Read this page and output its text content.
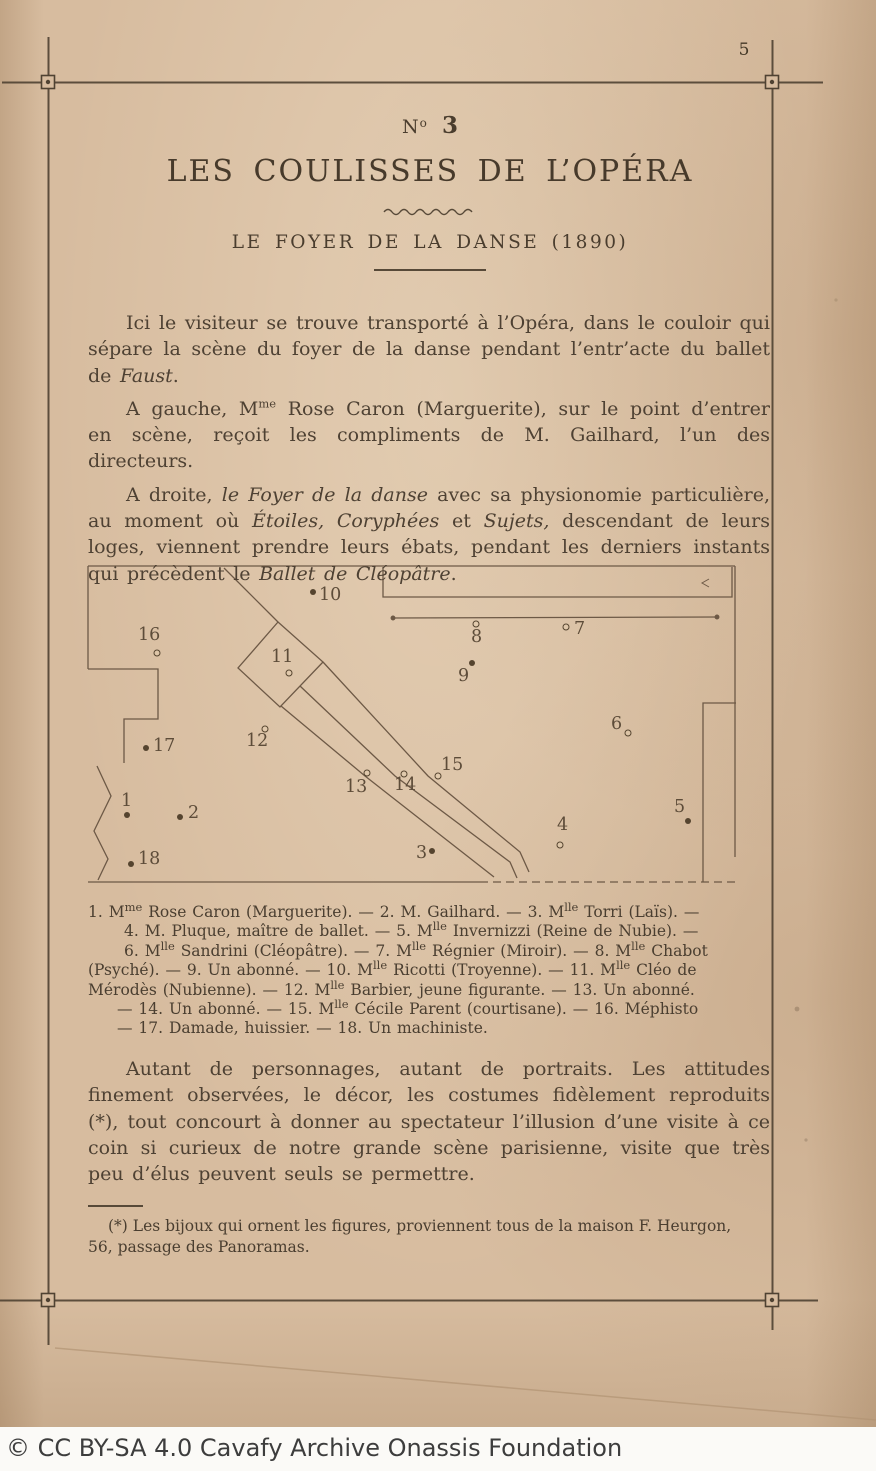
5
$N^o$ 3
LES COULISSES DE L’OPÉRA
LE FOYER DE LA DANSE (1890)

Ici le visiteur se trouve transporté à l’Opéra, dans le couloir qui sépare la scène du foyer de la danse pendant l’entr’acte du ballet de Faust.

A gauche, $M^{me}$ Rose Caron (Marguerite), sur le point d’entrer en scène, reçoit les compliments de M. Gailhard, l’un des directeurs.

A droite, le Foyer de la danse avec sa physionomie particulière, au moment où Étoiles, Coryphées et Sujets, descendant de leurs loges, viennent prendre leurs ébats, pendant les derniers instants qui précèdent le Ballet de Cléopâtre.

1
2
3
4
5
6
7
8
9
10
11
12
13 14
15
16
17
18
1. $M^{me}$ Rose Caron (Marguerite). — 2. M. Gailhard. — 3. $M^{lle}$ Torri (Laïs). —
4. M. Pluque, maître de ballet. — 5. $M^{lle}$ Invernizzi (Reine de Nubie). —
6. $M^{lle}$ Sandrini (Cléopâtre). — 7. $M^{lle}$ Régnier (Miroir). — 8. $M^{lle}$ Chabot
(Psyché). — 9. Un abonné. — 10. $M^{lle}$ Ricotti (Troyenne). — 11. $M^{lle}$ Cléo de
Mérodès (Nubienne). — 12. $M^{lle}$ Barbier, jeune figurante. — 13. Un abonné.
— 14. Un abonné. — 15. $M^{lle}$ Cécile Parent (courtisane). — 16. Méphisto
— 17. Damade, huissier. — 18. Un machiniste.

Autant de personnages, autant de portraits. Les attitudes finement observées, le décor, les costumes fidèlement reproduits (*), tout concourt à donner au spectateur l’illusion d’une visite à ce coin si curieux de notre grande scène parisienne, visite que très peu d’élus peuvent seuls se permettre.

(*) Les bijoux qui ornent les figures, proviennent tous de la maison F. Heurgon,
56, passage des Panoramas.
© CC BY-SA 4.0 Cavafy Archive Onassis Foundation
